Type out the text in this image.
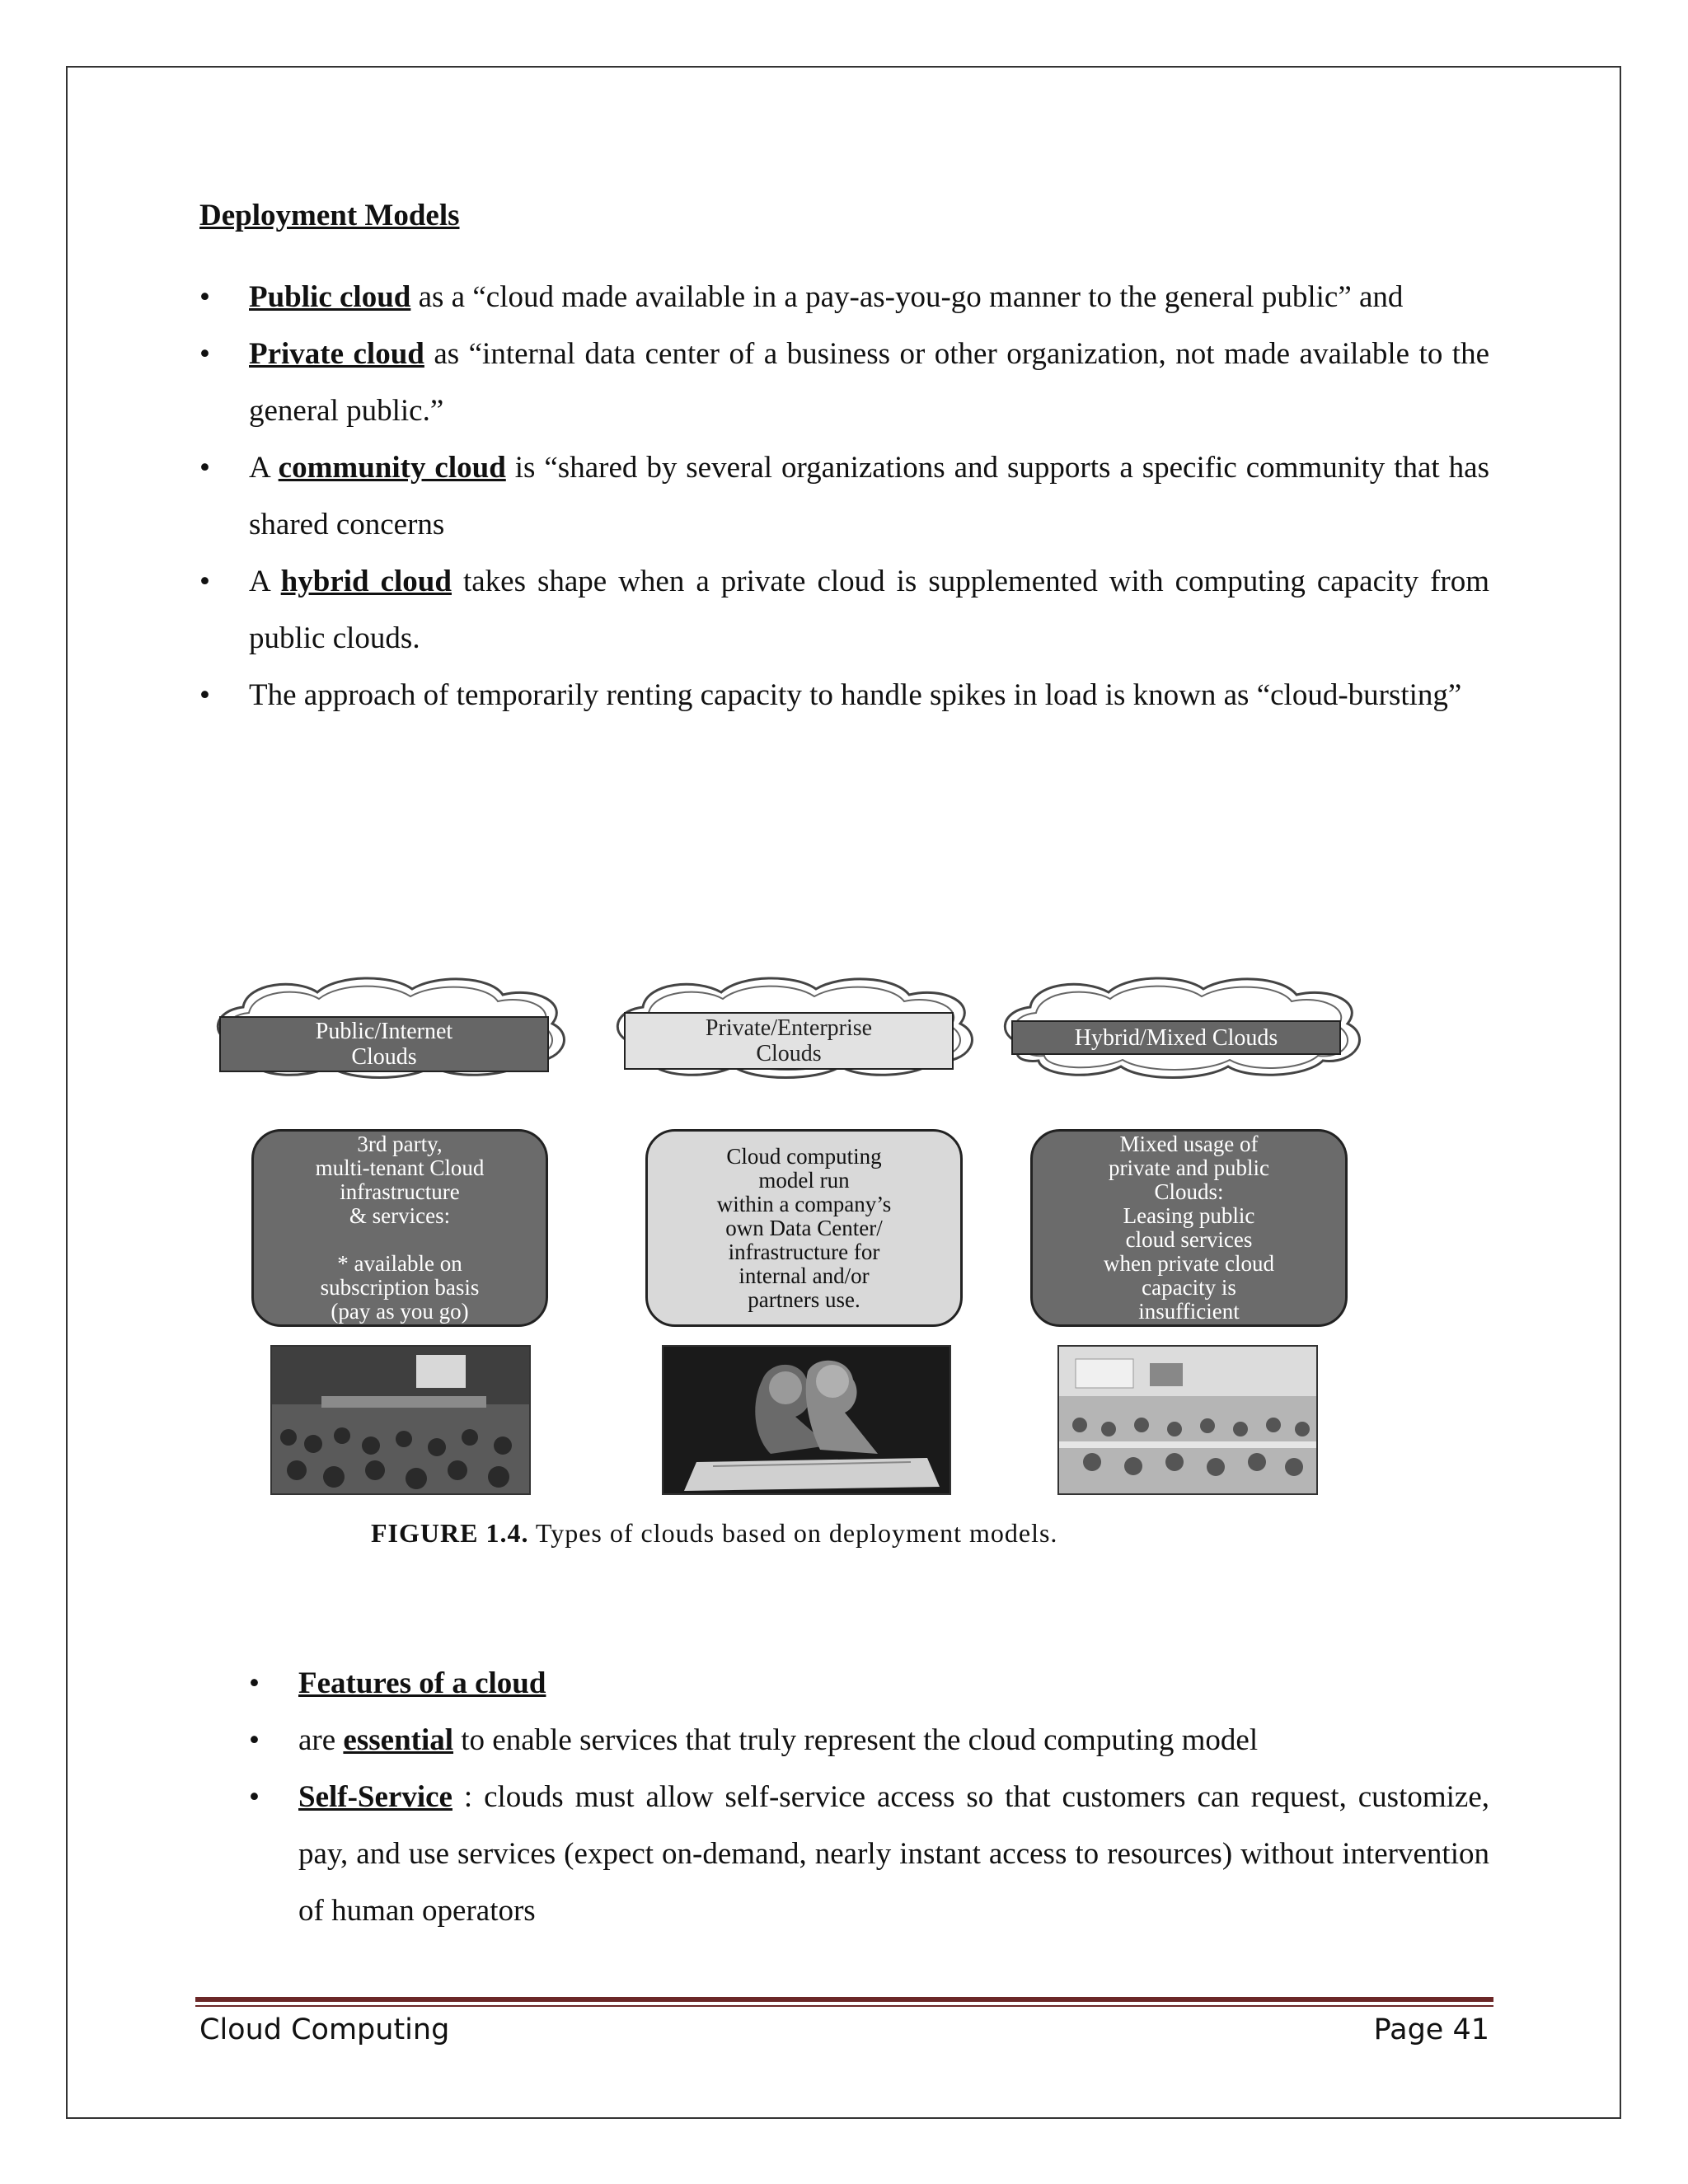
Deployment Models
• Public cloud as a “cloud made available in a pay-as-you-go manner to the general public” and
• Private cloud as “internal data center of a business or other organization, not made available to the general public.”
• A community cloud is “shared by several organizations and supports a specific community that has shared concerns
• A hybrid cloud takes shape when a private cloud is supplemented with computing capacity from public clouds.
• The approach of temporarily renting capacity to handle spikes in load is known as “cloud-bursting”
Public/Internet
Clouds
3rd party,
multi-tenant Cloud
infrastructure
& services:

* available on
subscription basis
(pay as you go)
Private/Enterprise
Clouds
Cloud computing
model run
within a company’s
own Data Center/
infrastructure for
internal and/or
partners use.
Hybrid/Mixed Clouds
Mixed usage of
private and public
Clouds:
Leasing public
cloud services
when private cloud
capacity is
insufficient
FIGURE 1.4. Types of clouds based on deployment models.
• Features of a cloud
• are essential to enable services that truly represent the cloud computing model
• Self-Service : clouds must allow self-service access so that customers can request, customize, pay, and use services (expect on-demand, nearly instant access to resources) without intervention of human operators
Cloud Computing	Page 41
